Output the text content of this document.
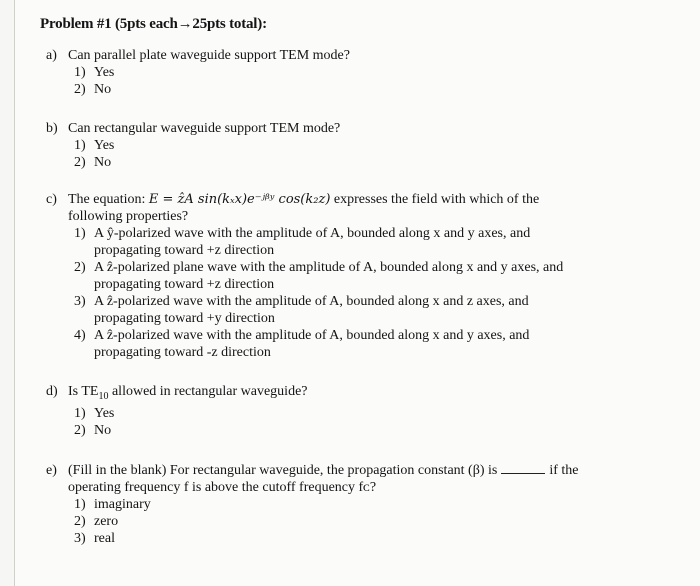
Problem #1 (5pts each→25pts total):
a) Can parallel plate waveguide support TEM mode?
1) Yes
2) No
b) Can rectangular waveguide support TEM mode?
1) Yes
2) No
c) The equation: E = ẑA sin(kₓx)e⁻ʲᵝʸ cos(k₂z) expresses the field with which of the
following properties?
1) A ŷ-polarized wave with the amplitude of A, bounded along x and y axes, and
propagating toward +z direction
2) A ẑ-polarized plane wave with the amplitude of A, bounded along x and y axes, and
propagating toward +z direction
3) A ẑ-polarized wave with the amplitude of A, bounded along x and z axes, and
propagating toward +y direction
4) A ẑ-polarized wave with the amplitude of A, bounded along x and y axes, and
propagating toward -z direction
d) Is $TE_{10}$ allowed in rectangular waveguide?
1) Yes
2) No
e) (Fill in the blank) For rectangular waveguide, the propagation constant (β) is	if the
operating frequency f is above the cutoff frequency fᴄ?
1) imaginary
2) zero
3) real
